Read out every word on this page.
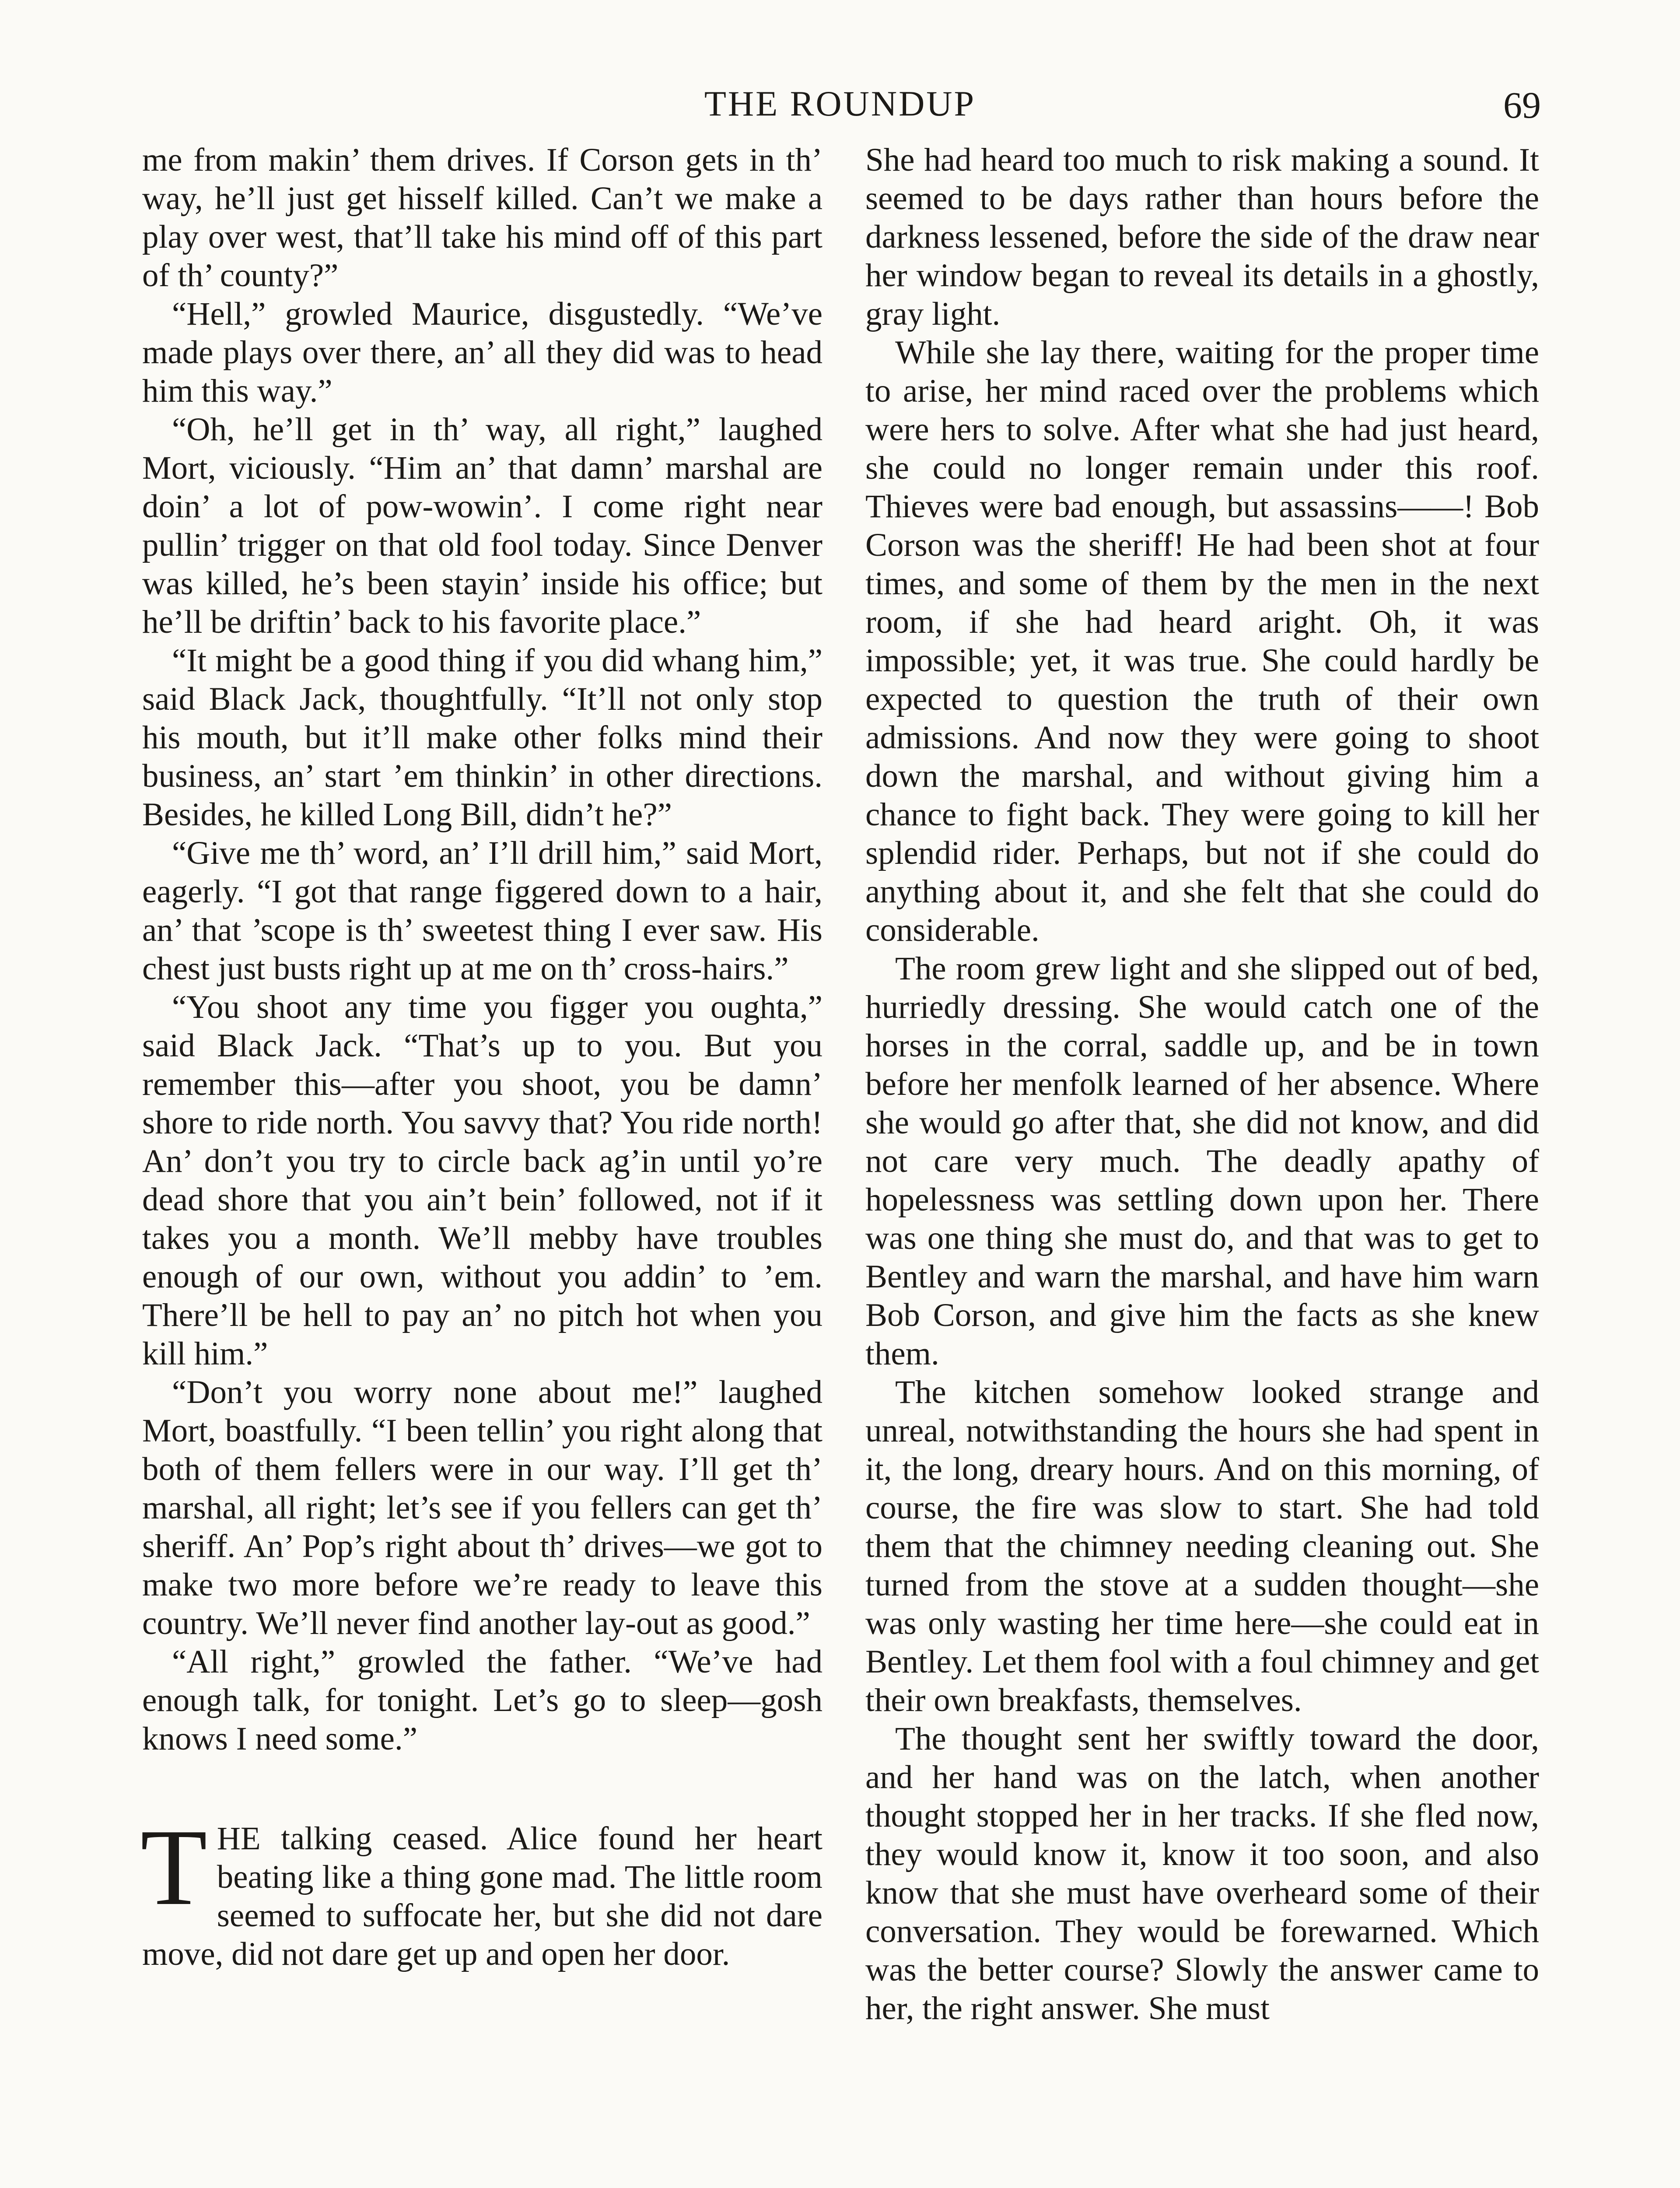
THE ROUNDUP	69

me from makin’ them drives. If Corson gets in th’ way, he’ll just get hisself killed. Can’t we make a play over west, that’ll take his mind off of this part of th’ county?”

“Hell,” growled Maurice, disgustedly. “We’ve made plays over there, an’ all they did was to head him this way.”

“Oh, he’ll get in th’ way, all right,” laughed Mort, viciously. “Him an’ that damn’ marshal are doin’ a lot of pow-wowin’. I come right near pullin’ trigger on that old fool today. Since Denver was killed, he’s been stayin’ inside his office; but he’ll be driftin’ back to his favorite place.”

“It might be a good thing if you did whang him,” said Black Jack, thoughtfully. “It’ll not only stop his mouth, but it’ll make other folks mind their business, an’ start ’em thinkin’ in other directions. Besides, he killed Long Bill, didn’t he?”

“Give me th’ word, an’ I’ll drill him,” said Mort, eagerly. “I got that range figgered down to a hair, an’ that ’scope is th’ sweetest thing I ever saw. His chest just busts right up at me on th’ cross-hairs.”

“You shoot any time you figger you oughta,” said Black Jack. “That’s up to you. But you remember this—after you shoot, you be damn’ shore to ride north. You savvy that? You ride north! An’ don’t you try to circle back ag’in until yo’re dead shore that you ain’t bein’ followed, not if it takes you a month. We’ll mebby have troubles enough of our own, without you addin’ to ’em. There’ll be hell to pay an’ no pitch hot when you kill him.”

“Don’t you worry none about me!” laughed Mort, boastfully. “I been tellin’ you right along that both of them fellers were in our way. I’ll get th’ marshal, all right; let’s see if you fellers can get th’ sheriff. An’ Pop’s right about th’ drives—we got to make two more before we’re ready to leave this country. We’ll never find another lay-out as good.”

“All right,” growled the father. “We’ve had enough talk, for tonight. Let’s go to sleep—gosh knows I need some.”

THE talking ceased. Alice found her heart beating like a thing gone mad. The little room seemed to suffocate her, but she did not dare move, did not dare get up and open her door.

She had heard too much to risk making a sound. It seemed to be days rather than hours before the darkness lessened, before the side of the draw near her window began to reveal its details in a ghostly, gray light.

While she lay there, waiting for the proper time to arise, her mind raced over the problems which were hers to solve. After what she had just heard, she could no longer remain under this roof. Thieves were bad enough, but assassins——! Bob Corson was the sheriff! He had been shot at four times, and some of them by the men in the next room, if she had heard aright. Oh, it was impossible; yet, it was true. She could hardly be expected to question the truth of their own admissions. And now they were going to shoot down the marshal, and without giving him a chance to fight back. They were going to kill her splendid rider. Perhaps, but not if she could do anything about it, and she felt that she could do considerable.

The room grew light and she slipped out of bed, hurriedly dressing. She would catch one of the horses in the corral, saddle up, and be in town before her menfolk learned of her absence. Where she would go after that, she did not know, and did not care very much. The deadly apathy of hopelessness was settling down upon her. There was one thing she must do, and that was to get to Bentley and warn the marshal, and have him warn Bob Corson, and give him the facts as she knew them.

The kitchen somehow looked strange and unreal, notwithstanding the hours she had spent in it, the long, dreary hours. And on this morning, of course, the fire was slow to start. She had told them that the chimney needing cleaning out. She turned from the stove at a sudden thought—she was only wasting her time here—she could eat in Bentley. Let them fool with a foul chimney and get their own breakfasts, themselves.

The thought sent her swiftly toward the door, and her hand was on the latch, when another thought stopped her in her tracks. If she fled now, they would know it, know it too soon, and also know that she must have overheard some of their conversation. They would be forewarned. Which was the better course? Slowly the answer came to her, the right answer. She must
